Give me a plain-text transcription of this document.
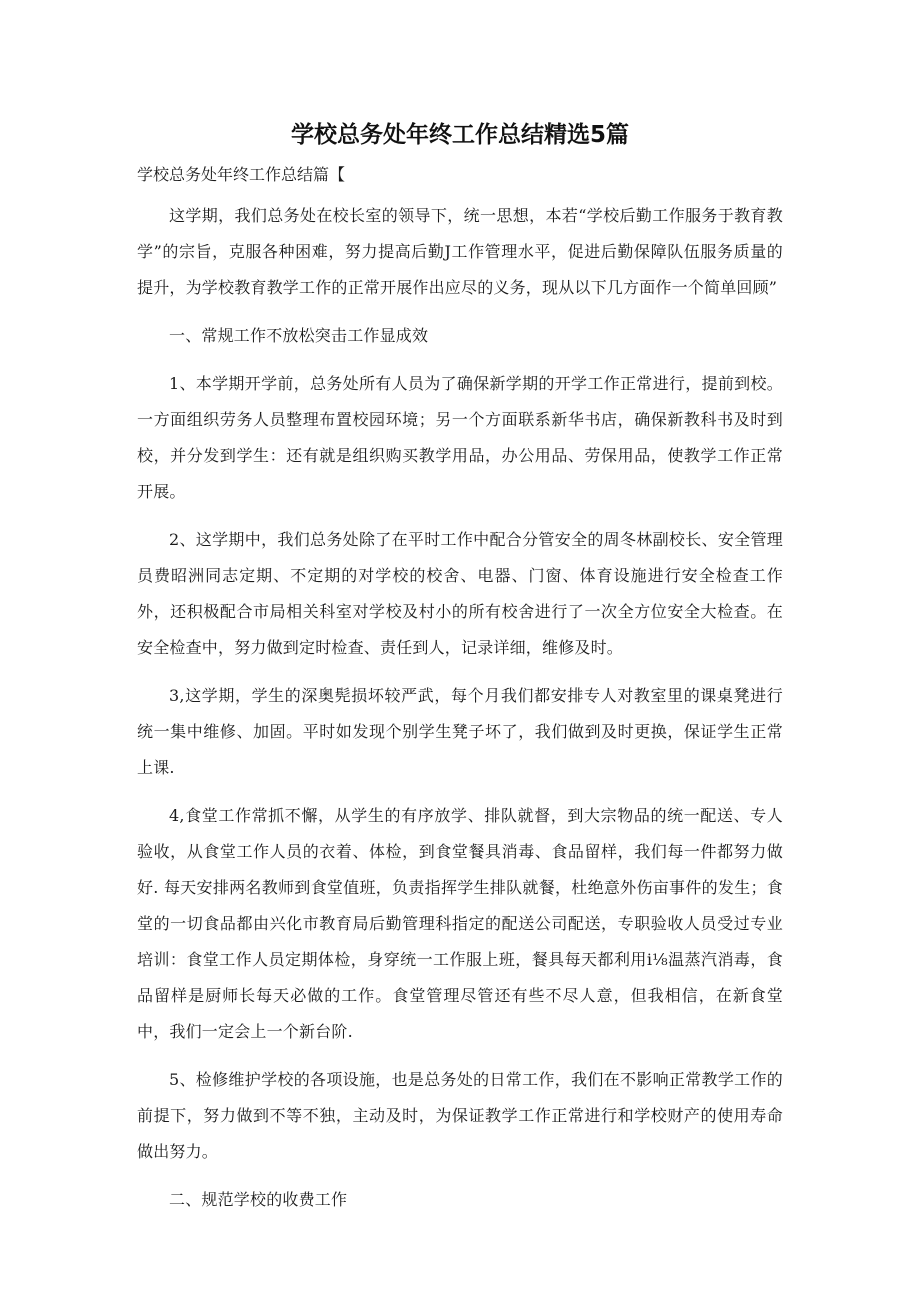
学校总务处年终工作总结精选5篇
学校总务处年终工作总结篇【

这学期，我们总务处在校长室的领导下，统一思想，本若“学校后勤工作服务于教育教学”的宗旨，克服各种困难，努力提高后勤J工作管理水平，促进后勤保障队伍服务质量的提升，为学校教育教学工作的正常开展作出应尽的义务，现从以下几方面作一个简单回顾”

一、常规工作不放松突击工作显成效

1、本学期开学前，总务处所有人员为了确保新学期的开学工作正常进行，提前到校。一方面组织劳务人员整理布置校园环境；另一个方面联系新华书店，确保新教科书及时到校，并分发到学生：还有就是组织购买教学用品，办公用品、劳保用品，使教学工作正常开展。

2、这学期中，我们总务处除了在平时工作中配合分管安全的周冬林副校长、安全管理员费昭洲同志定期、不定期的对学校的校舍、电器、门窗、体育设施进行安全检查工作外，还积极配合市局相关科室对学校及村小的所有校舍进行了一次全方位安全大检查。在安全检查中，努力做到定时检查、责任到人，记录详细，维修及时。

3,这学期，学生的深奥髡损坏较严武，每个月我们都安排专人对教室里的课桌凳进行统一集中维修、加固。平时如发现个别学生凳子坏了，我们做到及时更换，保证学生正常上课.

4,食堂工作常抓不懈，从学生的有序放学、排队就督，到大宗物品的统一配送、专人验收，从食堂工作人员的衣着、体检，到食堂餐具消毒、食品留样，我们每一件都努力做好. 每天安排两名教师到食堂值班，负责指挥学生排队就餐，杜绝意外伤亩事件的发生；食堂的一切食品都由兴化市教育局后勤管理科指定的配送公司配送，专职验收人员受过专业培训：食堂工作人员定期体检，身穿统一工作服上班，餐具每天都利用i⅛温蒸汽消毒，食品留样是厨师长每天必做的工作。食堂管理尽管还有些不尽人意，但我相信，在新食堂中，我们一定会上一个新台阶.

5、检修维护学校的各项设施，也是总务处的日常工作，我们在不影响正常教学工作的前提下，努力做到不等不独，主动及时，为保证教学工作正常进行和学校财产的使用寿命做出努力。

二、规范学校的收费工作
